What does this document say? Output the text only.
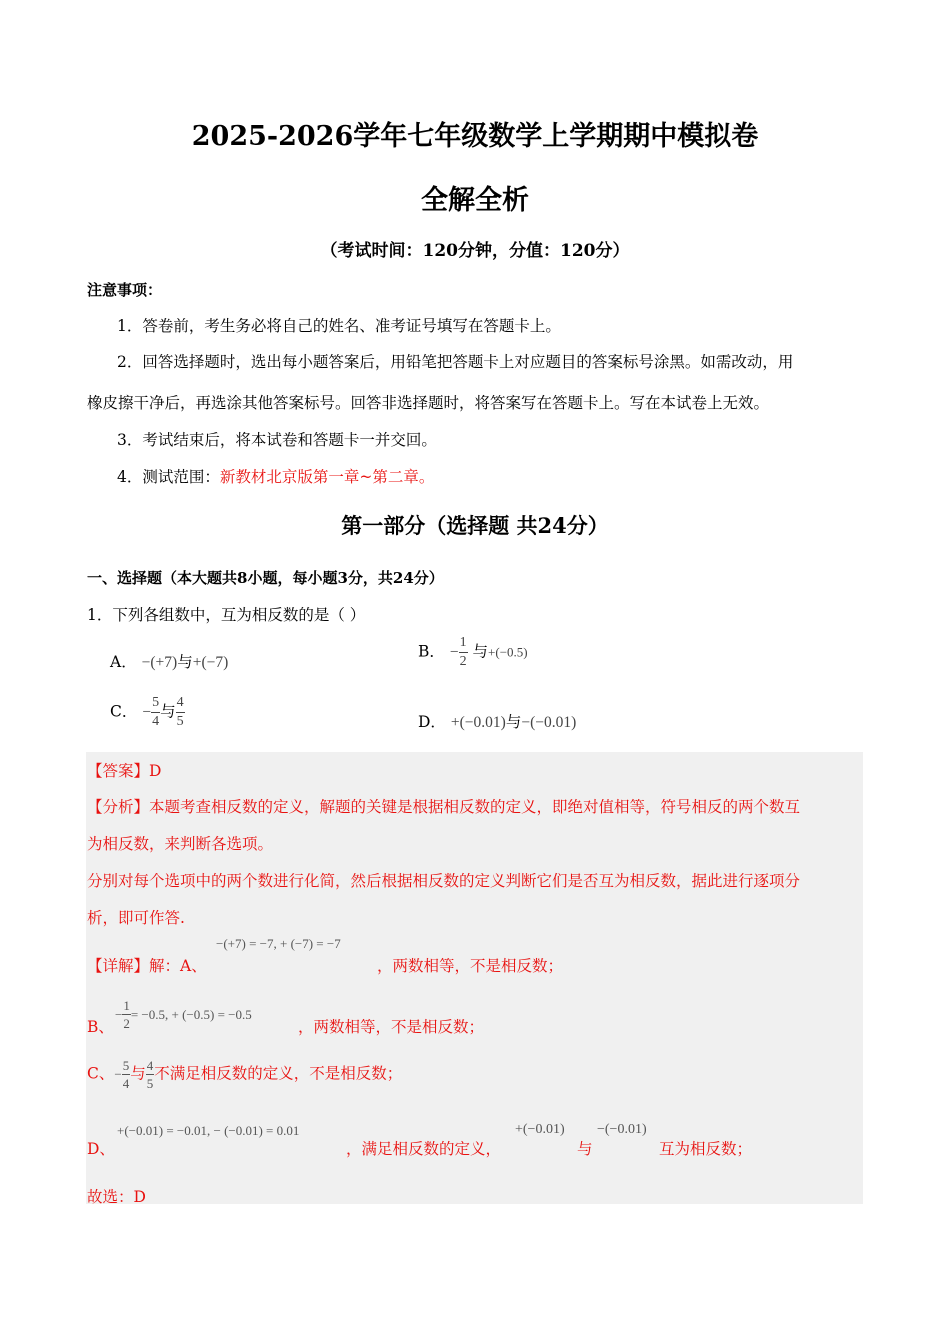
2025-2026学年七年级数学上学期期中模拟卷
全解全析
（考试时间：120分钟，分值：120分）
注意事项：
1．答卷前，考生务必将自己的姓名、准考证号填写在答题卡上。
2．回答选择题时，选出每小题答案后，用铅笔把答题卡上对应题目的答案标号涂黑。如需改动，用
橡皮擦干净后，再选涂其他答案标号。回答非选择题时，将答案写在答题卡上。写在本试卷上无效。
3．考试结束后，将本试卷和答题卡一并交回。
4．测试范围：新教材北京版第一章~第二章。
第一部分（选择题 共24分）
一、选择题（本大题共8小题，每小题3分，共24分）
1．下列各组数中，互为相反数的是（ ）
A． −(+7)与+(−7)
B． − $\frac{1}{2}$ 与+(−0.5)
C． − $\frac{5}{4}$ 与 $\frac{4}{5}$	D． +(−0.01)与−(−0.01)
【答案】D
【分析】本题考查相反数的定义，解题的关键是根据相反数的定义，即绝对值相等，符号相反的两个数互
为相反数，来判断各选项。
分别对每个选项中的两个数进行化简，然后根据相反数的定义判断它们是否互为相反数，据此进行逐项分
析，即可作答.
【详解】解：A、
−(+7) = −7, + (−7) = −7
，两数相等，不是相反数；
B、
− $\frac{1}{2} = -0.5$, + (−0.5) = −0.5
，两数相等，不是相反数；
C、− $\frac{5}{4}$ 与 $\frac{4}{5}$ 不满足相反数的定义，不是相反数；
D、
+(−0.01) = −0.01, − (−0.01) = 0.01
，满足相反数的定义，
+(−0.01)
与
−(−0.01)
互为相反数；
故选：D
